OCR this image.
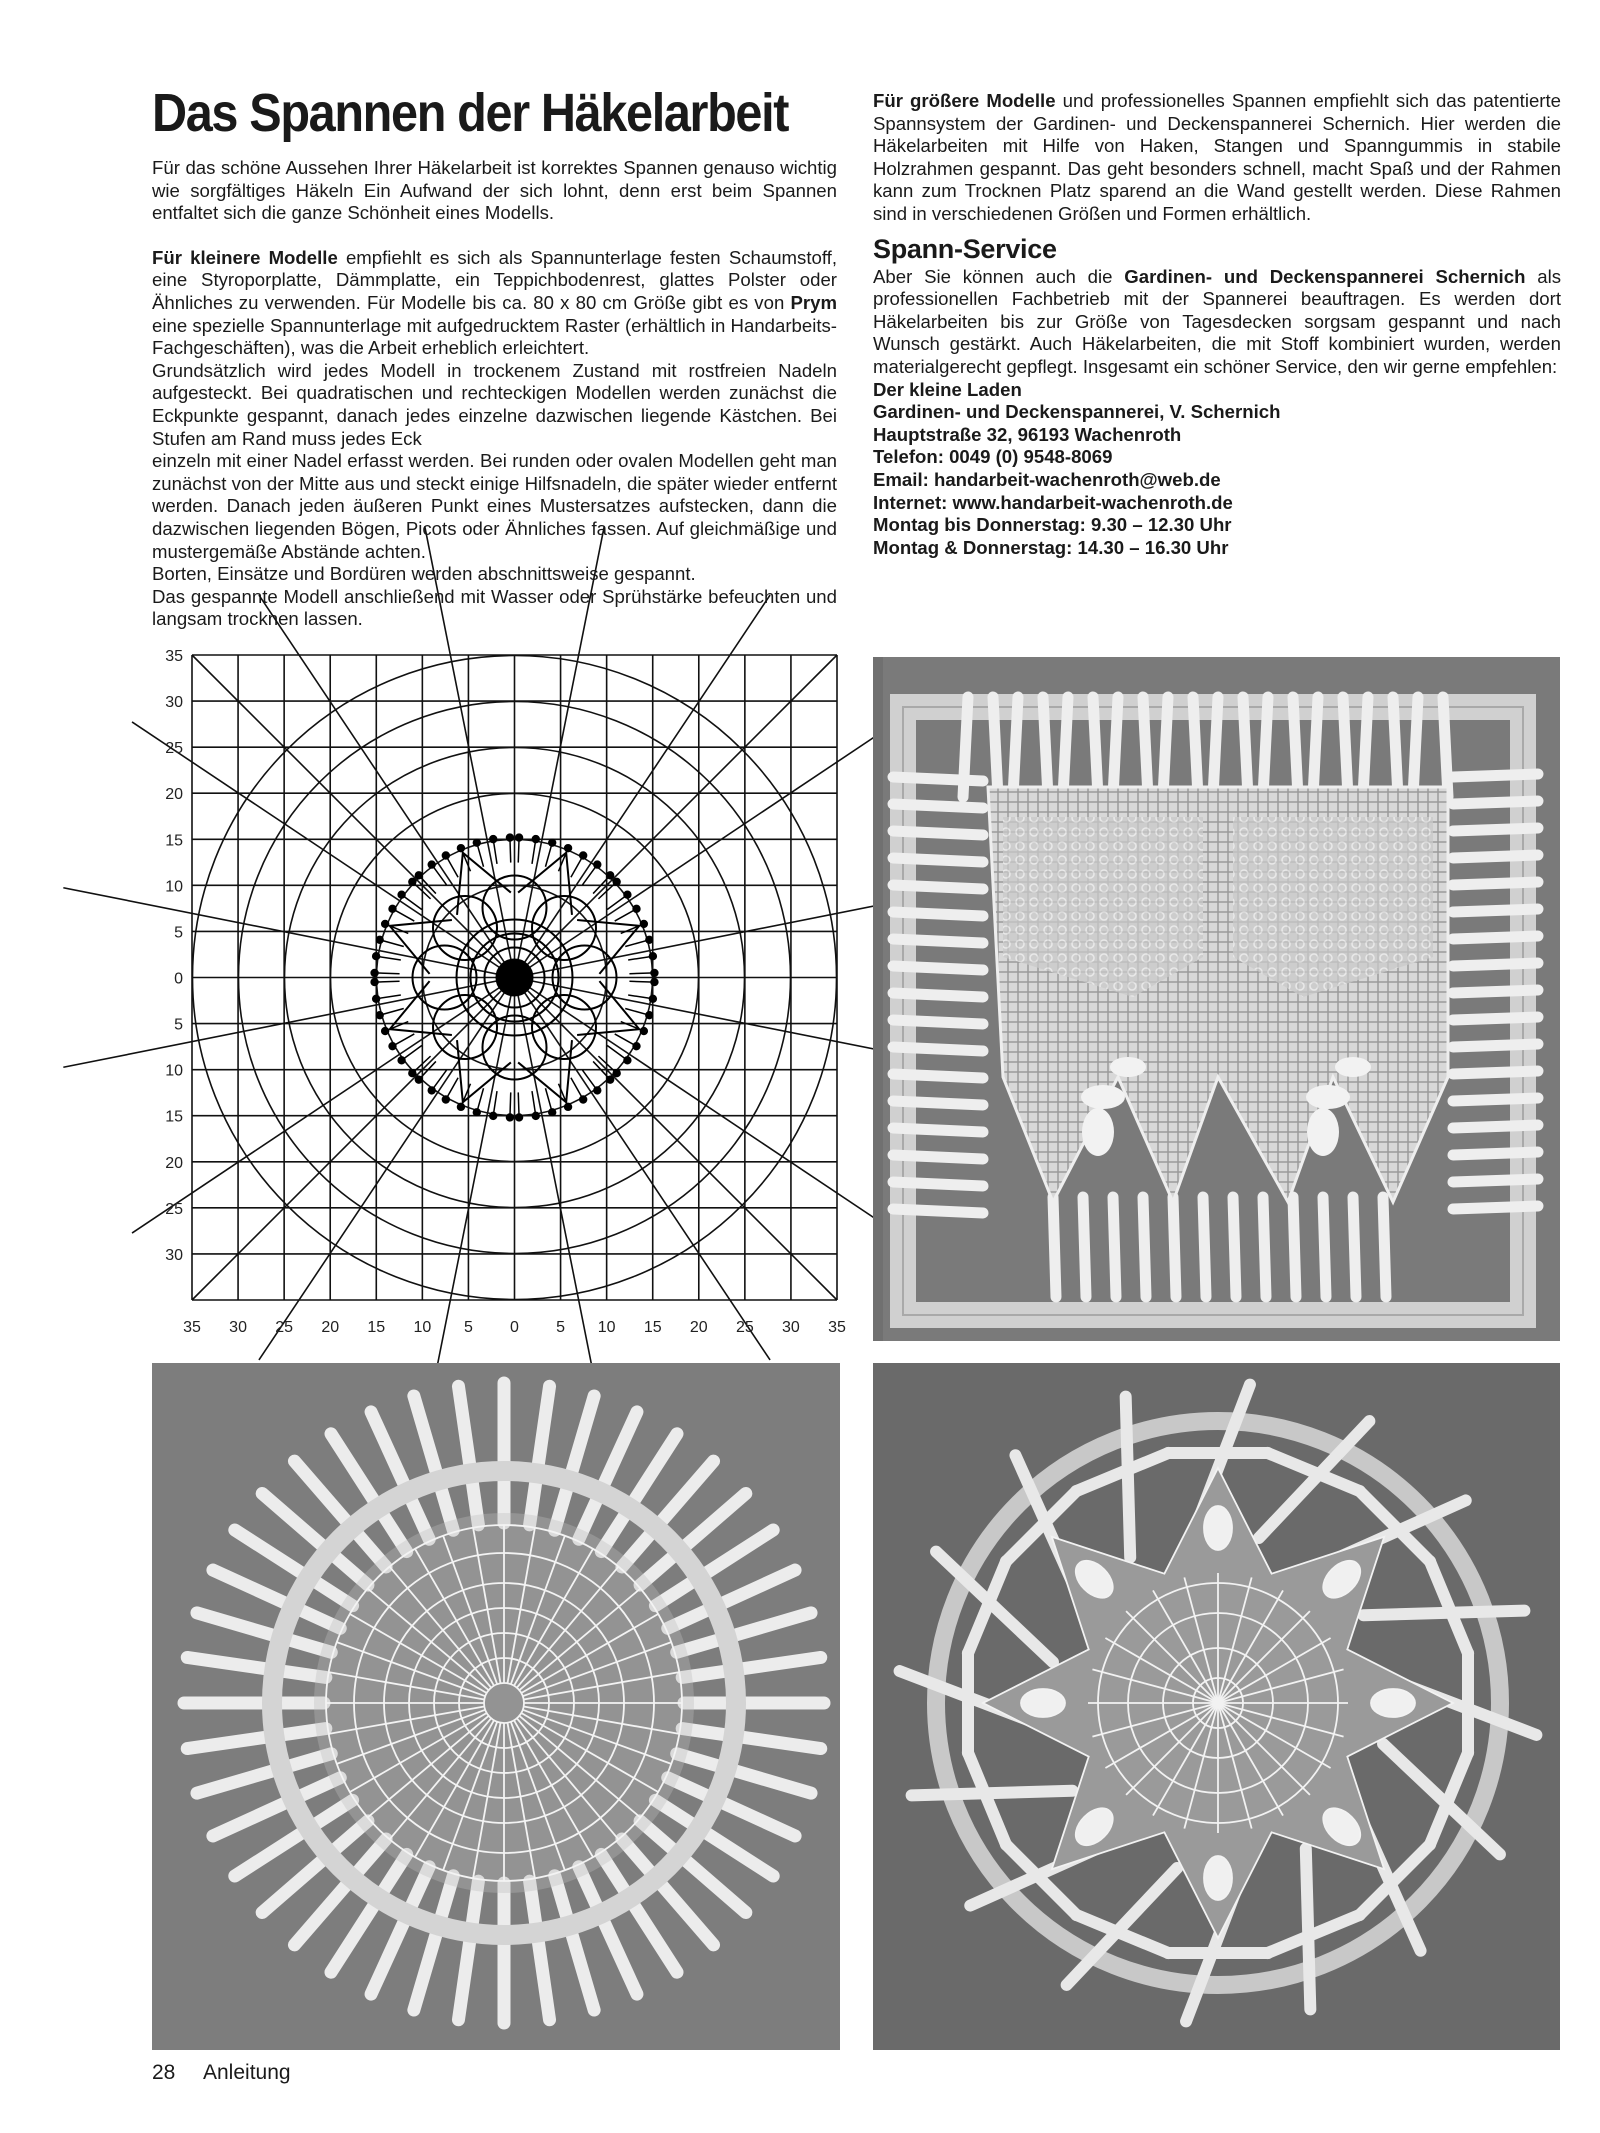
Das Spannen der Häkelarbeit

Für das schöne Aussehen Ihrer Häkelarbeit ist korrektes Spannen genauso wichtig wie sorgfältiges Häkeln Ein Aufwand der sich lohnt, denn erst beim Spannen entfaltet sich die ganze Schönheit eines Modells.

Für kleinere Modelle empfiehlt es sich als Spannunterlage festen Schaumstoff, eine Styroporplatte, Dämmplatte, ein Teppichbodenrest, glattes Polster oder Ähnliches zu verwenden. Für Modelle bis ca. 80 x 80 cm Größe gibt es von Prym eine spezielle Spannunterlage mit aufgedrucktem Raster (erhältlich in Handarbeits-Fachgeschäften), was die Arbeit erheblich erleichtert.

Grundsätzlich wird jedes Modell in trockenem Zustand mit rostfreien Nadeln aufgesteckt. Bei quadratischen und rechteckigen Modellen werden zunächst die Eckpunkte gespannt, danach jedes einzelne dazwischen liegende Kästchen. Bei Stufen am Rand muss jedes Eck

einzeln mit einer Nadel erfasst werden. Bei runden oder ovalen Modellen geht man zunächst von der Mitte aus und steckt einige Hilfsnadeln, die später wieder entfernt werden. Danach jeden äußeren Punkt eines Mustersatzes aufstecken, dann die dazwischen liegenden Bögen, Picots oder Ähnliches fassen. Auf gleichmäßige und mustergemäße Abstände achten.

Borten, Einsätze und Bordüren werden abschnittsweise gespannt.

Das gespannte Modell anschließend mit Wasser oder Sprühstärke befeuchten und langsam trocknen lassen.

Für größere Modelle und professionelles Spannen empfiehlt sich das patentierte Spannsystem der Gardinen- und Deckenspannerei Schernich. Hier werden die Häkelarbeiten mit Hilfe von Haken, Stangen und Spanngummis in stabile Holzrahmen gespannt. Das geht besonders schnell, macht Spaß und der Rahmen kann zum Trocknen Platz sparend an die Wand gestellt werden. Diese Rahmen sind in verschiedenen Größen und Formen erhältlich.

Spann-Service

Aber Sie können auch die Gardinen- und Deckenspannerei Schernich als professionellen Fachbetrieb mit der Spannerei beauftragen. Es werden dort Häkelarbeiten bis zur Größe von Tagesdecken sorgsam gespannt und nach Wunsch gestärkt. Auch Häkelarbeiten, die mit Stoff kombiniert wurden, werden materialgerecht gepflegt. Insgesamt ein schöner Service, den wir gerne empfehlen:

Der kleine Laden

Gardinen- und Deckenspannerei, V. Schernich

Hauptstraße 32, 96193 Wachenroth

Telefon: 0049 (0) 9548-8069

Email: handarbeit-wachenroth@web.de

Internet: www.handarbeit-wachenroth.de

Montag bis Donnerstag: 9.30 – 12.30 Uhr

Montag & Donnerstag: 14.30 – 16.30 Uhr

35
30
25
20
15
10
5
0
5
10
15
20
25
30
35 30 25 20 15 10 5 0 5 10 15 20 25 30 35
28 Anleitung
